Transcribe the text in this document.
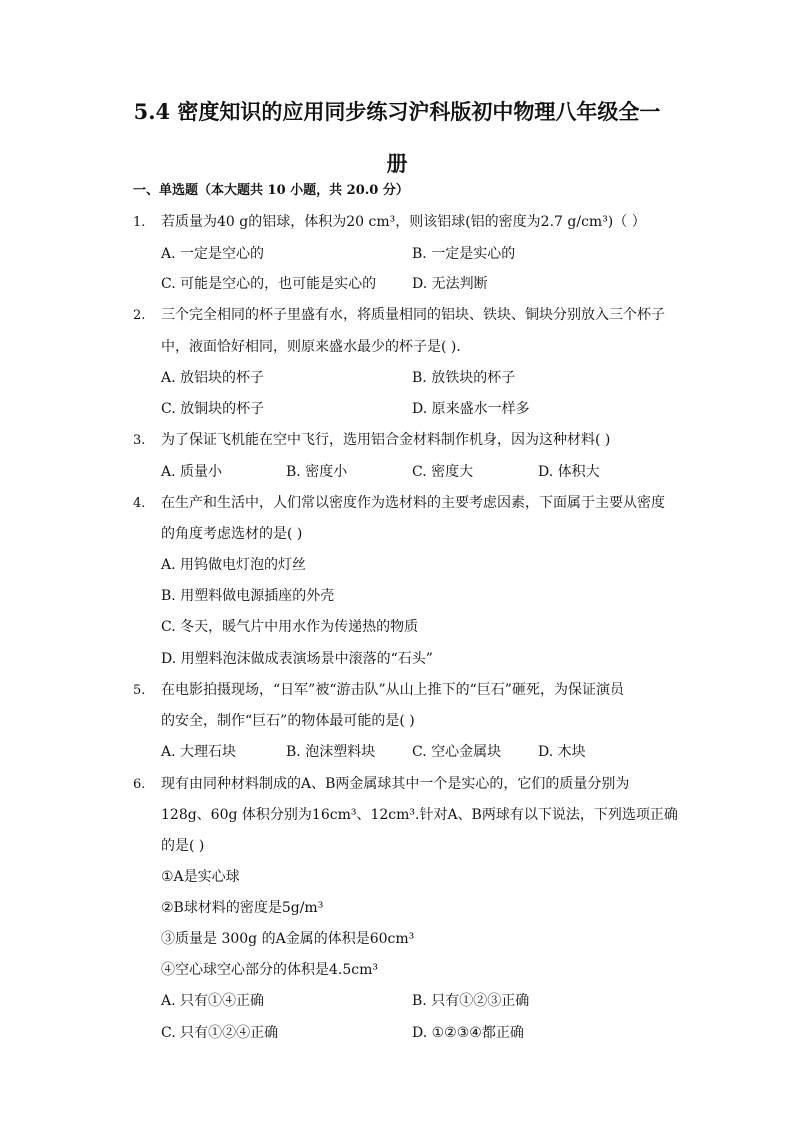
5.4 密度知识的应用同步练习沪科版初中物理八年级全一
册
一、单选题（本大题共 10 小题，共 20.0 分）
1. 若质量为40 g的铝球，体积为20 cm³，则该铝球(铝的密度为2.7 g/cm³)（ ）
A. 一定是空心的	B. 一定是实心的
C. 可能是空心的，也可能是实心的	D. 无法判断
2. 三个完全相同的杯子里盛有水，将质量相同的铝块、铁块、铜块分别放入三个杯子
中，液面恰好相同，则原来盛水最少的杯子是( )．
A. 放铝块的杯子	B. 放铁块的杯子
C. 放铜块的杯子	D. 原来盛水一样多
3. 为了保证飞机能在空中飞行，选用铝合金材料制作机身，因为这种材料( )
A. 质量小	B. 密度小	C. 密度大	D. 体积大
4. 在生产和生活中，人们常以密度作为选材料的主要考虑因素，下面属于主要从密度
的角度考虑选材的是( )
A. 用钨做电灯泡的灯丝
B. 用塑料做电源插座的外壳
C. 冬天，暖气片中用水作为传递热的物质
D. 用塑料泡沫做成表演场景中滚落的“石头”
5. 在电影拍摄现场，“日军”被“游击队”从山上推下的“巨石”砸死，为保证演员
的安全，制作“巨石”的物体最可能的是( )
A. 大理石块	B. 泡沫塑料块	C. 空心金属块	D. 木块
6. 现有由同种材料制成的A、B两金属球其中一个是实心的，它们的质量分别为
128g、60g 体积分别为16cm³、12cm³.针对A、B两球有以下说法，下列选项正确
的是( )
①A是实心球
②B球材料的密度是5g/m³
③质量是 300g 的A金属的体积是60cm³
④空心球空心部分的体积是4.5cm³
A. 只有①④正确	B. 只有①②③正确
C. 只有①②④正确	D. ①②③④都正确
